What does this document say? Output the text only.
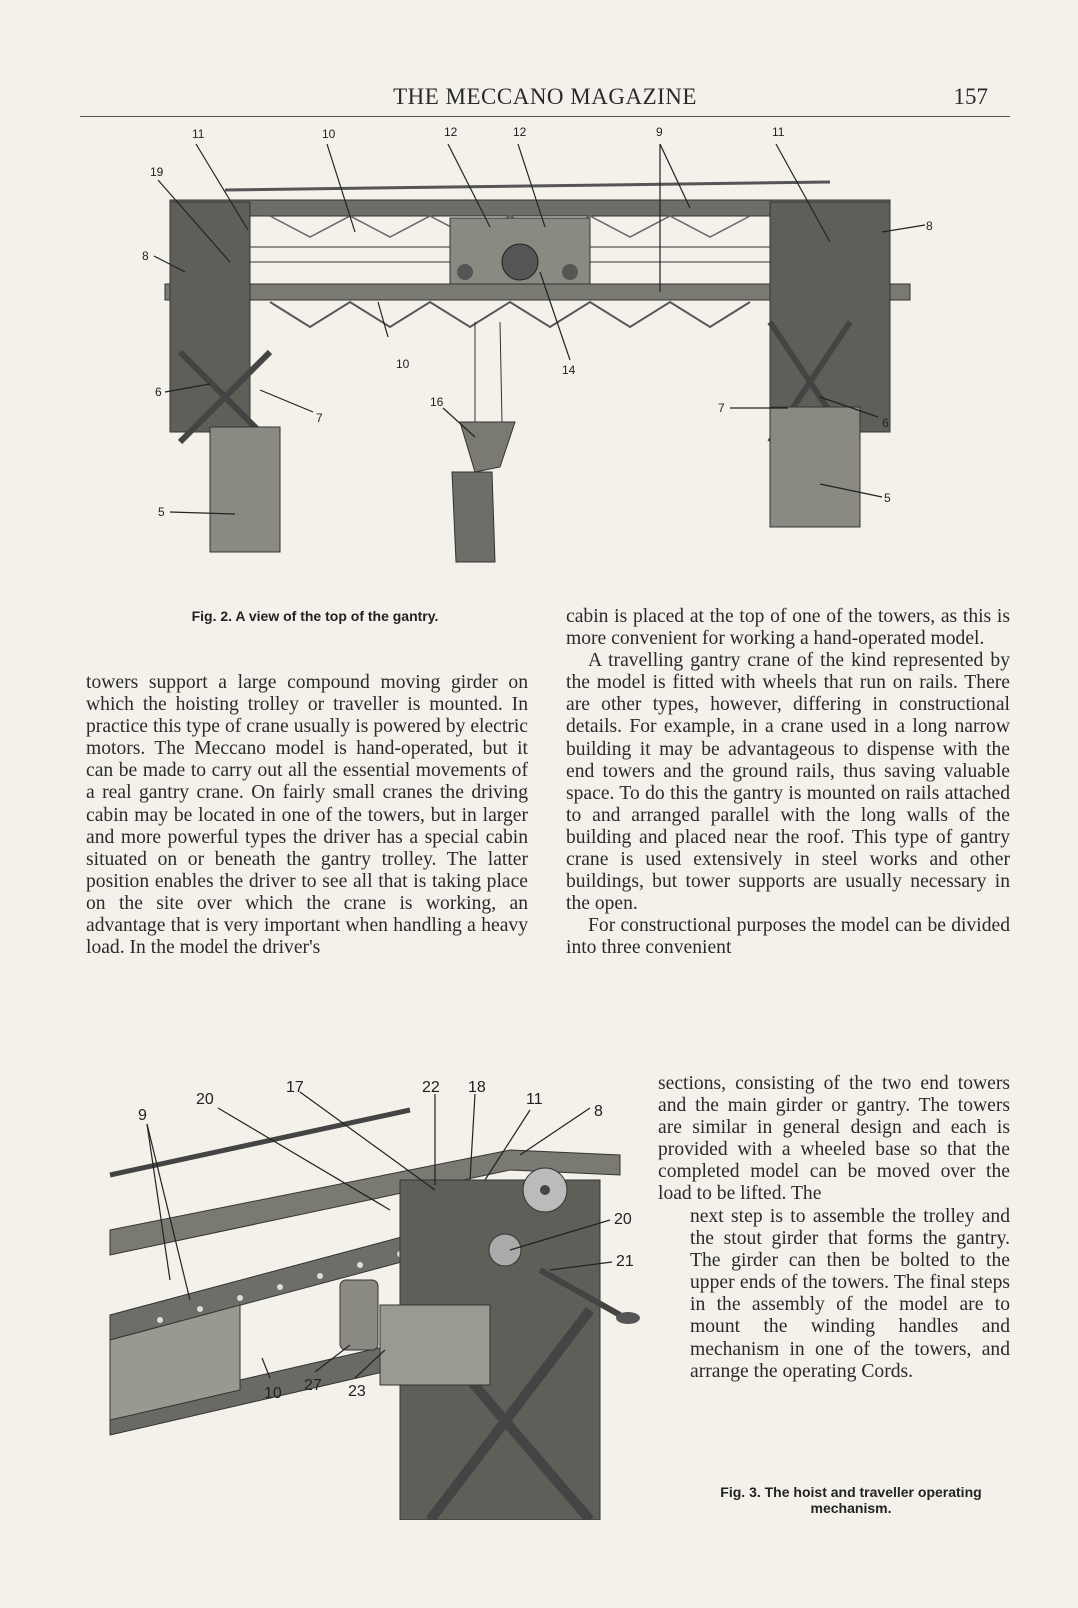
THE MECCANO MAGAZINE	157
11	10	12	12	9	11
19
8
8
10	14
6
7
16	7
6
5
5
Fig. 2. A view of the top of the gantry.

towers support a large compound moving girder on which the hoisting trolley or traveller is mounted. In practice this type of crane usually is powered by electric motors. The Meccano model is hand-operated, but it can be made to carry out all the essential movements of a real gantry crane. On fairly small cranes the driving cabin may be located in one of the towers, but in larger and more powerful types the driver has a special cabin situated on or beneath the gantry trolley. The latter position enables the driver to see all that is taking place on the site over which the crane is working, an advantage that is very important when handling a heavy load. In the model the driver's

cabin is placed at the top of one of the towers, as this is more convenient for working a hand-operated model.

A travelling gantry crane of the kind represented by the model is fitted with wheels that run on rails. There are other types, however, differing in constructional details. For example, in a crane used in a long narrow building it may be advantageous to dispense with the end towers and the ground rails, thus saving valuable space. To do this the gantry is mounted on rails attached to and arranged parallel with the long walls of the building and placed near the roof. This type of gantry crane is used extensively in steel works and other buildings, but tower supports are usually necessary in the open.

For constructional purposes the model can be divided into three convenient

sections, consisting of the two end towers and the main girder or gantry. The towers are similar in general design and each is provided with a wheeled base so that the completed model can be moved over the load to be lifted. The

next step is to assemble the trolley and the stout girder that forms the gantry. The girder can then be bolted to the upper ends of the towers. The final steps in the assembly of the model are to mount the winding handles and mechanism in one of the towers, and arrange the operating Cords.

17	22 18
11
20
9	8
20
21
27 23
10
Fig. 3. The hoist and traveller operating mechanism.
